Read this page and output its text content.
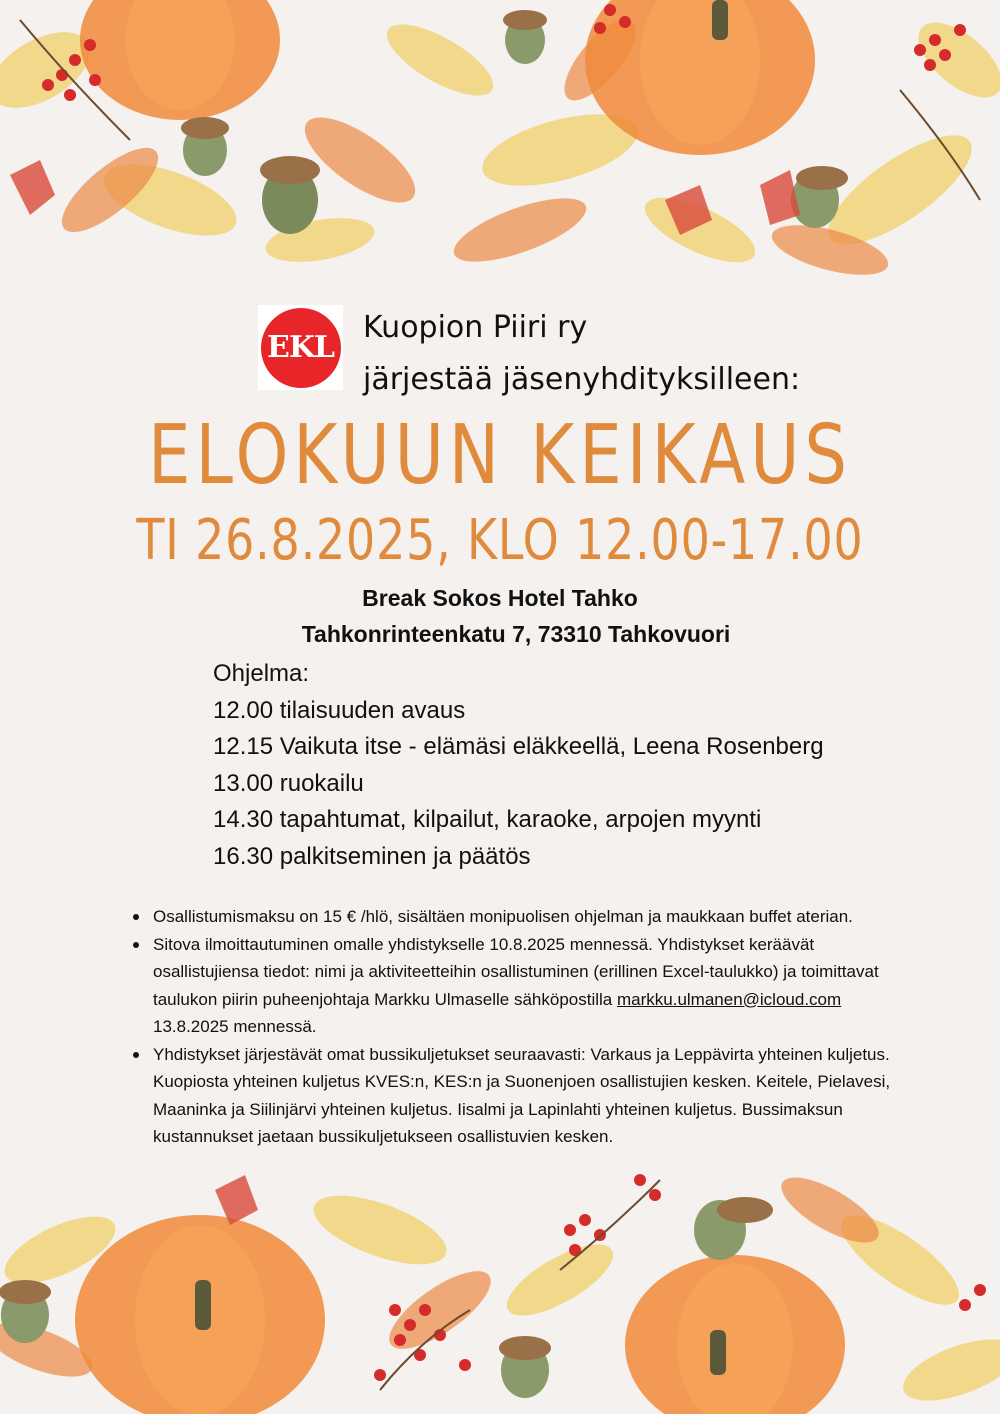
EKL
Kuopion Piiri ry
järjestää jäsenyhdityksilleen:
ELOKUUN KEIKAUS
TI 26.8.2025, KLO 12.00-17.00
Break Sokos Hotel Tahko
Tahkonrinteenkatu 7, 73310 Tahkovuori
Ohjelma:
12.00 tilaisuuden avaus
12.15 Vaikuta itse - elämäsi eläkkeellä, Leena Rosenberg
13.00 ruokailu
14.30 tapahtumat, kilpailut, karaoke, arpojen myynti
16.30 palkitseminen ja päätös
Osallistumismaksu on 15 € /hlö, sisältäen monipuolisen ohjelman ja maukkaan buffet aterian.
Sitova ilmoittautuminen omalle yhdistykselle 10.8.2025 mennessä. Yhdistykset keräävät osallistujiensa tiedot: nimi ja aktiviteetteihin osallistuminen (erillinen Excel-taulukko) ja toimittavat taulukon piirin puheenjohtaja Markku Ulmaselle sähköpostilla markku.ulmanen@icloud.com 13.8.2025 mennessä.
Yhdistykset järjestävät omat bussikuljetukset seuraavasti: Varkaus ja Leppävirta yhteinen kuljetus. Kuopiosta yhteinen kuljetus KVES:n, KES:n ja Suonenjoen osallistujien kesken. Keitele, Pielavesi, Maaninka ja Siilinjärvi yhteinen kuljetus. Iisalmi ja Lapinlahti yhteinen kuljetus. Bussimaksun kustannukset jaetaan bussikuljetukseen osallistuvien kesken.
